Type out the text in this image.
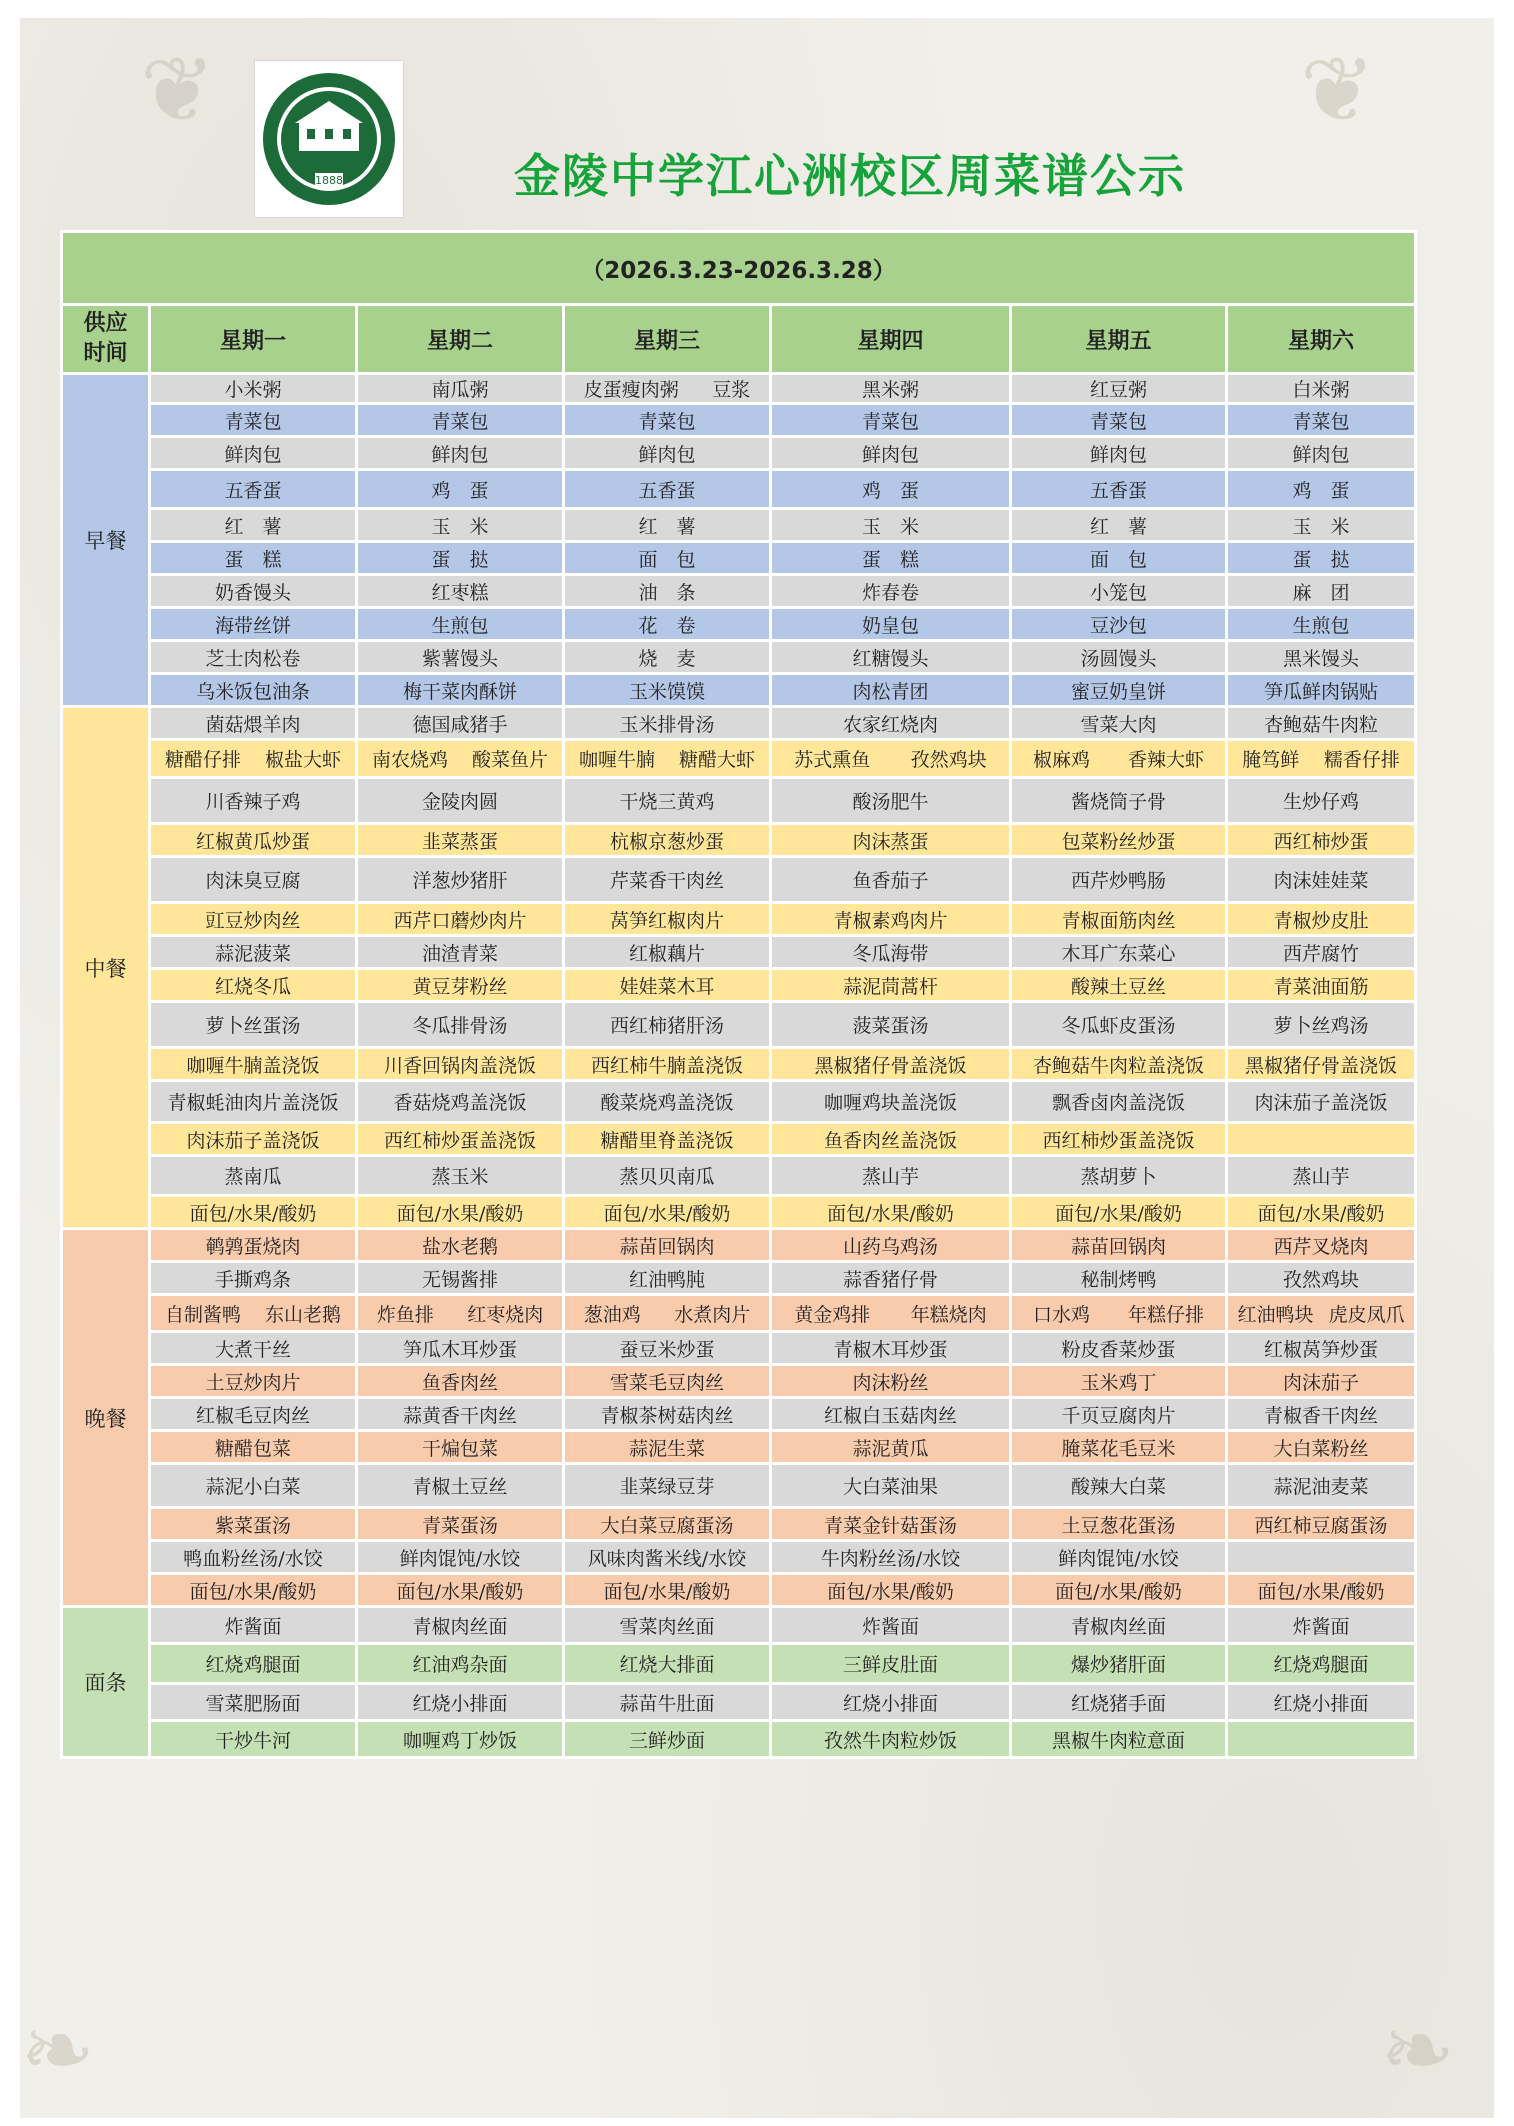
❦	❦
❧	❧
1888	金陵中学江心洲校区周菜谱公示
（2026.3.23-2026.3.28）						
供应
时间	星期一	星期二	星期三	星期四	星期五	星期六
早餐	小米粥	南瓜粥	皮蛋瘦肉粥 豆浆	黑米粥	红豆粥	白米粥
	青菜包	青菜包	青菜包	青菜包	青菜包	青菜包
	鲜肉包	鲜肉包	鲜肉包	鲜肉包	鲜肉包	鲜肉包
	五香蛋	鸡　蛋	五香蛋	鸡　蛋	五香蛋	鸡　蛋
	红　薯	玉　米	红　薯	玉　米	红　薯	玉　米
	蛋　糕	蛋　挞	面　包	蛋　糕	面　包	蛋　挞
	奶香馒头	红枣糕	油　条	炸春卷	小笼包	麻　团
	海带丝饼	生煎包	花　卷	奶皇包	豆沙包	生煎包
	芝士肉松卷	紫薯馒头	烧　麦	红糖馒头	汤圆馒头	黑米馒头
	乌米饭包油条	梅干菜肉酥饼	玉米馍馍	肉松青团	蜜豆奶皇饼	笋瓜鲜肉锅贴
中餐	菌菇煨羊肉	德国咸猪手	玉米排骨汤	农家红烧肉	雪菜大肉	杏鲍菇牛肉粒

	糖醋仔排 椒盐大虾	南农烧鸡 酸菜鱼片	咖喱牛腩 糖醋大虾	苏式熏鱼 孜然鸡块	椒麻鸡 香辣大虾	腌笃鲜 糯香仔排

	川香辣子鸡	金陵肉圆	干烧三黄鸡	酸汤肥牛	酱烧筒子骨	生炒仔鸡
	红椒黄瓜炒蛋	韭菜蒸蛋	杭椒京葱炒蛋	肉沫蒸蛋	包菜粉丝炒蛋	西红柿炒蛋
	肉沫臭豆腐	洋葱炒猪肝	芹菜香干肉丝	鱼香茄子	西芹炒鸭肠	肉沫娃娃菜
	豇豆炒肉丝	西芹口蘑炒肉片	莴笋红椒肉片	青椒素鸡肉片	青椒面筋肉丝	青椒炒皮肚
	蒜泥菠菜	油渣青菜	红椒藕片	冬瓜海带	木耳广东菜心	西芹腐竹
	红烧冬瓜	黄豆芽粉丝	娃娃菜木耳	蒜泥茼蒿杆	酸辣土豆丝	青菜油面筋
	萝卜丝蛋汤	冬瓜排骨汤	西红柿猪肝汤	菠菜蛋汤	冬瓜虾皮蛋汤	萝卜丝鸡汤
	咖喱牛腩盖浇饭	川香回锅肉盖浇饭	西红柿牛腩盖浇饭	黑椒猪仔骨盖浇饭	杏鲍菇牛肉粒盖浇饭	黑椒猪仔骨盖浇饭
	青椒蚝油肉片盖浇饭	香菇烧鸡盖浇饭	酸菜烧鸡盖浇饭	咖喱鸡块盖浇饭	飘香卤肉盖浇饭	肉沫茄子盖浇饭
	肉沫茄子盖浇饭	西红柿炒蛋盖浇饭	糖醋里脊盖浇饭	鱼香肉丝盖浇饭	西红柿炒蛋盖浇饭	
	蒸南瓜	蒸玉米	蒸贝贝南瓜	蒸山芋	蒸胡萝卜	蒸山芋
	面包/水果/酸奶	面包/水果/酸奶	面包/水果/酸奶	面包/水果/酸奶	面包/水果/酸奶	面包/水果/酸奶
晚餐	鹌鹑蛋烧肉	盐水老鹅	蒜苗回锅肉	山药乌鸡汤	蒜苗回锅肉	西芹叉烧肉
	手撕鸡条	无锡酱排	红油鸭肫	蒜香猪仔骨	秘制烤鸭	孜然鸡块

	自制酱鸭 东山老鹅	炸鱼排 红枣烧肉	葱油鸡 水煮肉片	黄金鸡排 年糕烧肉	口水鸡 年糕仔排	红油鸭块 虎皮凤爪

	大煮干丝	笋瓜木耳炒蛋	蚕豆米炒蛋	青椒木耳炒蛋	粉皮香菜炒蛋	红椒莴笋炒蛋
	土豆炒肉片	鱼香肉丝	雪菜毛豆肉丝	肉沫粉丝	玉米鸡丁	肉沫茄子
	红椒毛豆肉丝	蒜黄香干肉丝	青椒茶树菇肉丝	红椒白玉菇肉丝	千页豆腐肉片	青椒香干肉丝
	糖醋包菜	干煸包菜	蒜泥生菜	蒜泥黄瓜	腌菜花毛豆米	大白菜粉丝
	蒜泥小白菜	青椒土豆丝	韭菜绿豆芽	大白菜油果	酸辣大白菜	蒜泥油麦菜
	紫菜蛋汤	青菜蛋汤	大白菜豆腐蛋汤	青菜金针菇蛋汤	土豆葱花蛋汤	西红柿豆腐蛋汤
	鸭血粉丝汤/水饺	鲜肉馄饨/水饺	风味肉酱米线/水饺	牛肉粉丝汤/水饺	鲜肉馄饨/水饺	
	面包/水果/酸奶	面包/水果/酸奶	面包/水果/酸奶	面包/水果/酸奶	面包/水果/酸奶	面包/水果/酸奶
面条	炸酱面	青椒肉丝面	雪菜肉丝面	炸酱面	青椒肉丝面	炸酱面
	红烧鸡腿面	红油鸡杂面	红烧大排面	三鲜皮肚面	爆炒猪肝面	红烧鸡腿面
	雪菜肥肠面	红烧小排面	蒜苗牛肚面	红烧小排面	红烧猪手面	红烧小排面
	干炒牛河	咖喱鸡丁炒饭	三鲜炒面	孜然牛肉粒炒饭	黑椒牛肉粒意面	
